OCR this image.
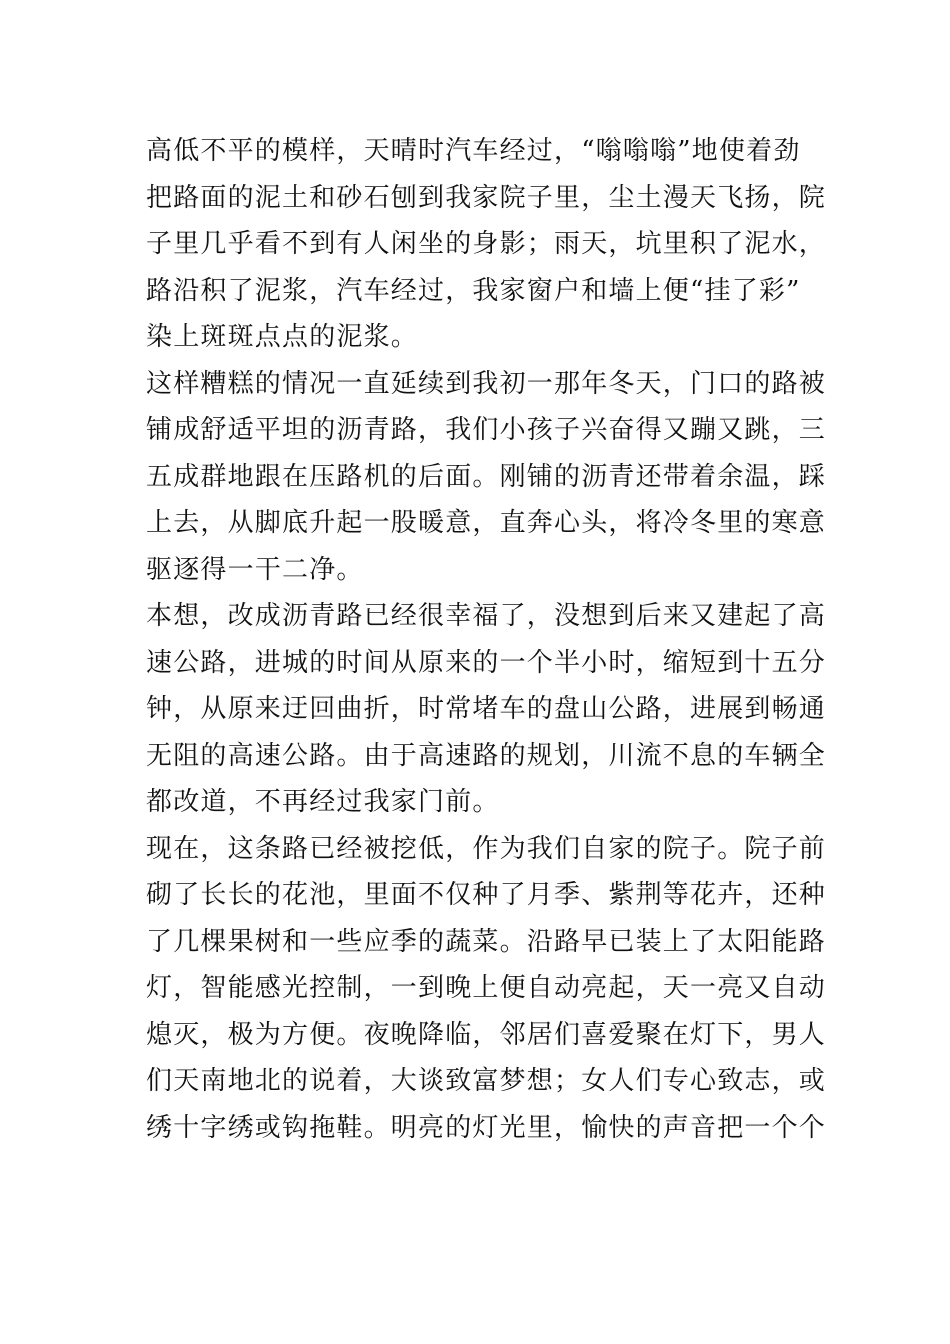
高低不平的模样，天晴时汽车经过，“嗡嗡嗡”地使着劲
把路面的泥土和砂石刨到我家院子里，尘土漫天飞扬，院
子里几乎看不到有人闲坐的身影；雨天，坑里积了泥水，
路沿积了泥浆，汽车经过，我家窗户和墙上便“挂了彩”
染上斑斑点点的泥浆。
这样糟糕的情况一直延续到我初一那年冬天，门口的路被
铺成舒适平坦的沥青路，我们小孩子兴奋得又蹦又跳，三
五成群地跟在压路机的后面。刚铺的沥青还带着余温，踩
上去，从脚底升起一股暖意，直奔心头，将冷冬里的寒意
驱逐得一干二净。
本想，改成沥青路已经很幸福了，没想到后来又建起了高
速公路，进城的时间从原来的一个半小时，缩短到十五分
钟，从原来迂回曲折，时常堵车的盘山公路，进展到畅通
无阻的高速公路。由于高速路的规划，川流不息的车辆全
都改道，不再经过我家门前。
现在，这条路已经被挖低，作为我们自家的院子。院子前
砌了长长的花池，里面不仅种了月季、紫荆等花卉，还种
了几棵果树和一些应季的蔬菜。沿路早已装上了太阳能路
灯，智能感光控制，一到晚上便自动亮起，天一亮又自动
熄灭，极为方便。夜晚降临，邻居们喜爱聚在灯下，男人
们天南地北的说着，大谈致富梦想；女人们专心致志，或
绣十字绣或钩拖鞋。明亮的灯光里，愉快的声音把一个个
